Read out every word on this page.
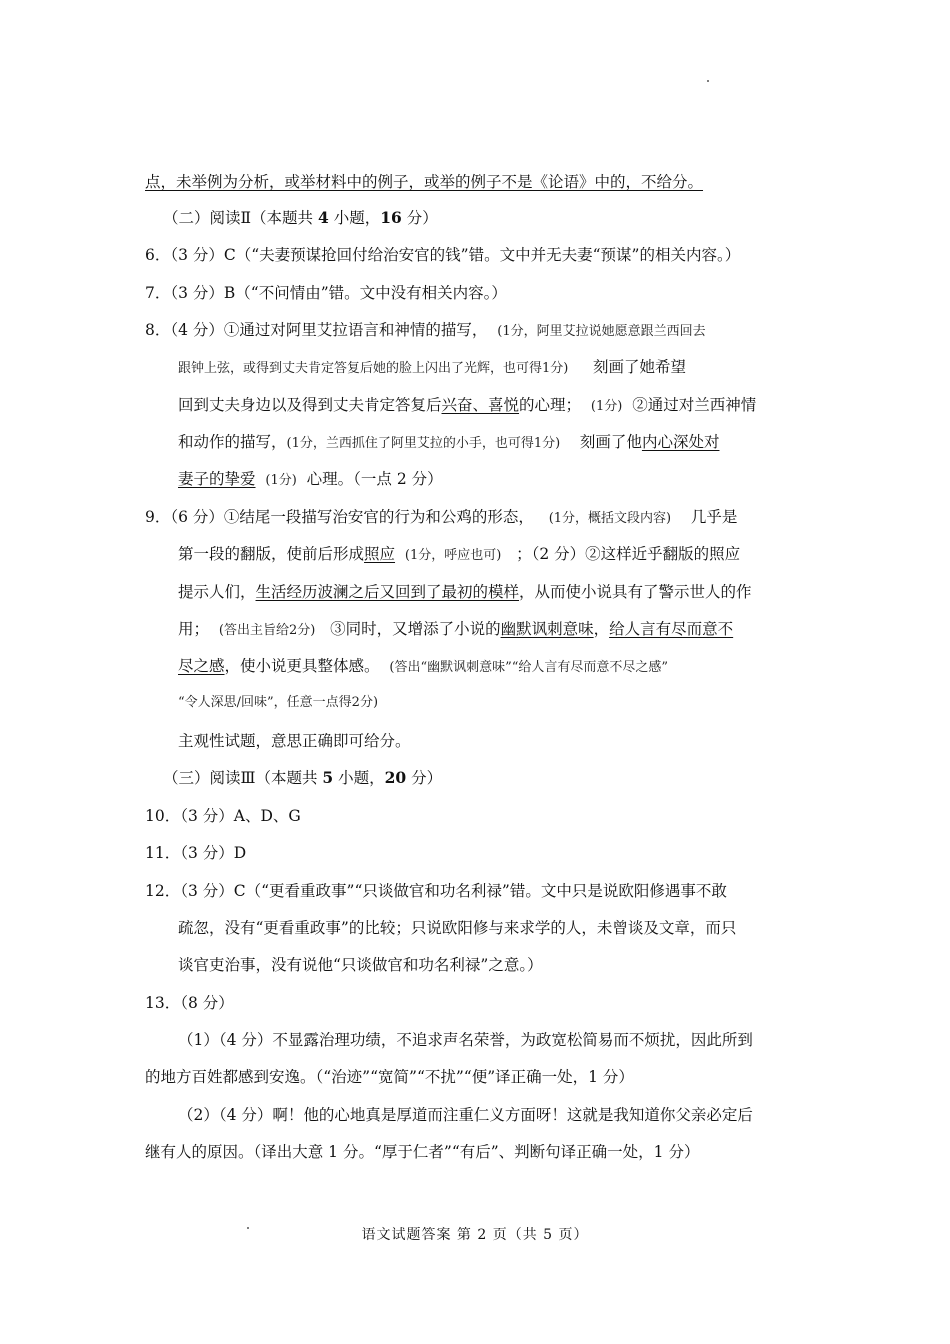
点，未举例为分析，或举材料中的例子，或举的例子不是《论语》中的，不给分。
（二）阅读Ⅱ（本题共 4 小题，16 分）
6．（3 分）C（“夫妻预谋抢回付给治安官的钱”错。文中并无夫妻“预谋”的相关内容。）
7．（3 分）B（“不问情由”错。文中没有相关内容。）
8．（4 分）①通过对阿里艾拉语言和神情的描写， (1分，阿里艾拉说她愿意跟兰西回去
跟钟上弦，或得到丈夫肯定答复后她的脸上闪出了光辉，也可得1分) 刻画了她希望
回到丈夫身边以及得到丈夫肯定答复后兴奋、喜悦的心理； (1分) ②通过对兰西神情
和动作的描写，(1分，兰西抓住了阿里艾拉的小手，也可得1分) 刻画了他内心深处对
妻子的挚爱 (1分) 心理。（一点 2 分）
9．（6 分）①结尾一段描写治安官的行为和公鸡的形态， (1分，概括文段内容) 几乎是
第一段的翻版，使前后形成照应 (1分，呼应也可) ；（2 分）②这样近乎翻版的照应
提示人们，生活经历波澜之后又回到了最初的模样，从而使小说具有了警示世人的作
用； (答出主旨给2分) ③同时，又增添了小说的幽默讽刺意味，给人言有尽而意不
尽之感，使小说更具整体感。 (答出“幽默讽刺意味”“给人言有尽而意不尽之感”
“令人深思/回味”，任意一点得2分)
主观性试题，意思正确即可给分。
（三）阅读Ⅲ（本题共 5 小题，20 分）
10．（3 分）A、D、G
11．（3 分）D
12．（3 分）C（“更看重政事”“只谈做官和功名利禄”错。文中只是说欧阳修遇事不敢
疏忽，没有“更看重政事”的比较；只说欧阳修与来求学的人，未曾谈及文章，而只
谈官吏治事，没有说他“只谈做官和功名利禄”之意。）
13．（8 分）
（1）（4 分）不显露治理功绩，不追求声名荣誉，为政宽松简易而不烦扰，因此所到
的地方百姓都感到安逸。（“治迹”“宽简”“不扰”“便”译正确一处，1 分）
（2）（4 分）啊！他的心地真是厚道而注重仁义方面呀！这就是我知道你父亲必定后
继有人的原因。（译出大意 1 分。“厚于仁者”“有后”、判断句译正确一处，1 分）
语文试题答案 第 2 页（共 5 页）
